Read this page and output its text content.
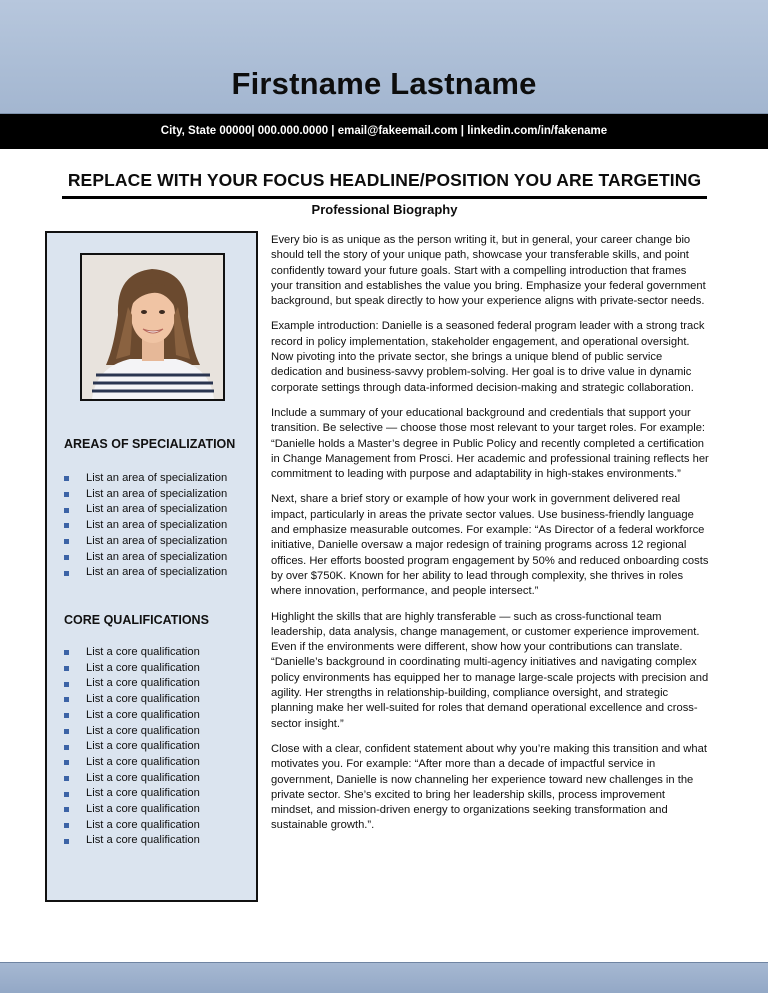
Firstname Lastname
City, State 00000| 000.000.0000 | email@fakeemail.com | linkedin.com/in/fakename
REPLACE WITH YOUR FOCUS HEADLINE/POSITION YOU ARE TARGETING
Professional Biography
AREAS OF SPECIALIZATION
List an area of specialization
List an area of specialization
List an area of specialization
List an area of specialization
List an area of specialization
List an area of specialization
List an area of specialization
CORE QUALIFICATIONS
List a core qualification
List a core qualification
List a core qualification
List a core qualification
List a core qualification
List a core qualification
List a core qualification
List a core qualification
List a core qualification
List a core qualification
List a core qualification
List a core qualification
List a core qualification

Every bio is as unique as the person writing it, but in general, your career change bio should tell the story of your unique path, showcase your transferable skills, and point confidently toward your future goals. Start with a compelling introduction that frames your transition and establishes the value you bring. Emphasize your federal government background, but speak directly to how your experience aligns with private-sector needs.

Example introduction: Danielle is a seasoned federal program leader with a strong track record in policy implementation, stakeholder engagement, and operational oversight. Now pivoting into the private sector, she brings a unique blend of public service dedication and business-savvy problem-solving. Her goal is to drive value in dynamic corporate settings through data-informed decision-making and strategic collaboration.

Include a summary of your educational background and credentials that support your transition. Be selective — choose those most relevant to your target roles. For example: “Danielle holds a Master’s degree in Public Policy and recently completed a certification in Change Management from Prosci. Her academic and professional training reflects her commitment to leading with purpose and adaptability in high-stakes environments.”

Next, share a brief story or example of how your work in government delivered real impact, particularly in areas the private sector values. Use business-friendly language and emphasize measurable outcomes. For example: “As Director of a federal workforce initiative, Danielle oversaw a major redesign of training programs across 12 regional offices. Her efforts boosted program engagement by 50% and reduced onboarding costs by over $750K. Known for her ability to lead through complexity, she thrives in roles where innovation, performance, and people intersect.”

Highlight the skills that are highly transferable — such as cross-functional team leadership, data analysis, change management, or customer experience improvement. Even if the environments were different, show how your contributions can translate. “Danielle’s background in coordinating multi-agency initiatives and navigating complex policy environments has equipped her to manage large-scale projects with precision and agility. Her strengths in relationship-building, compliance oversight, and strategic planning make her well-suited for roles that demand operational excellence and cross-sector insight.”

Close with a clear, confident statement about why you’re making this transition and what motivates you. For example: “After more than a decade of impactful service in government, Danielle is now channeling her experience toward new challenges in the private sector. She’s excited to bring her leadership skills, process improvement mindset, and mission-driven energy to organizations seeking transformation and sustainable growth.”.
